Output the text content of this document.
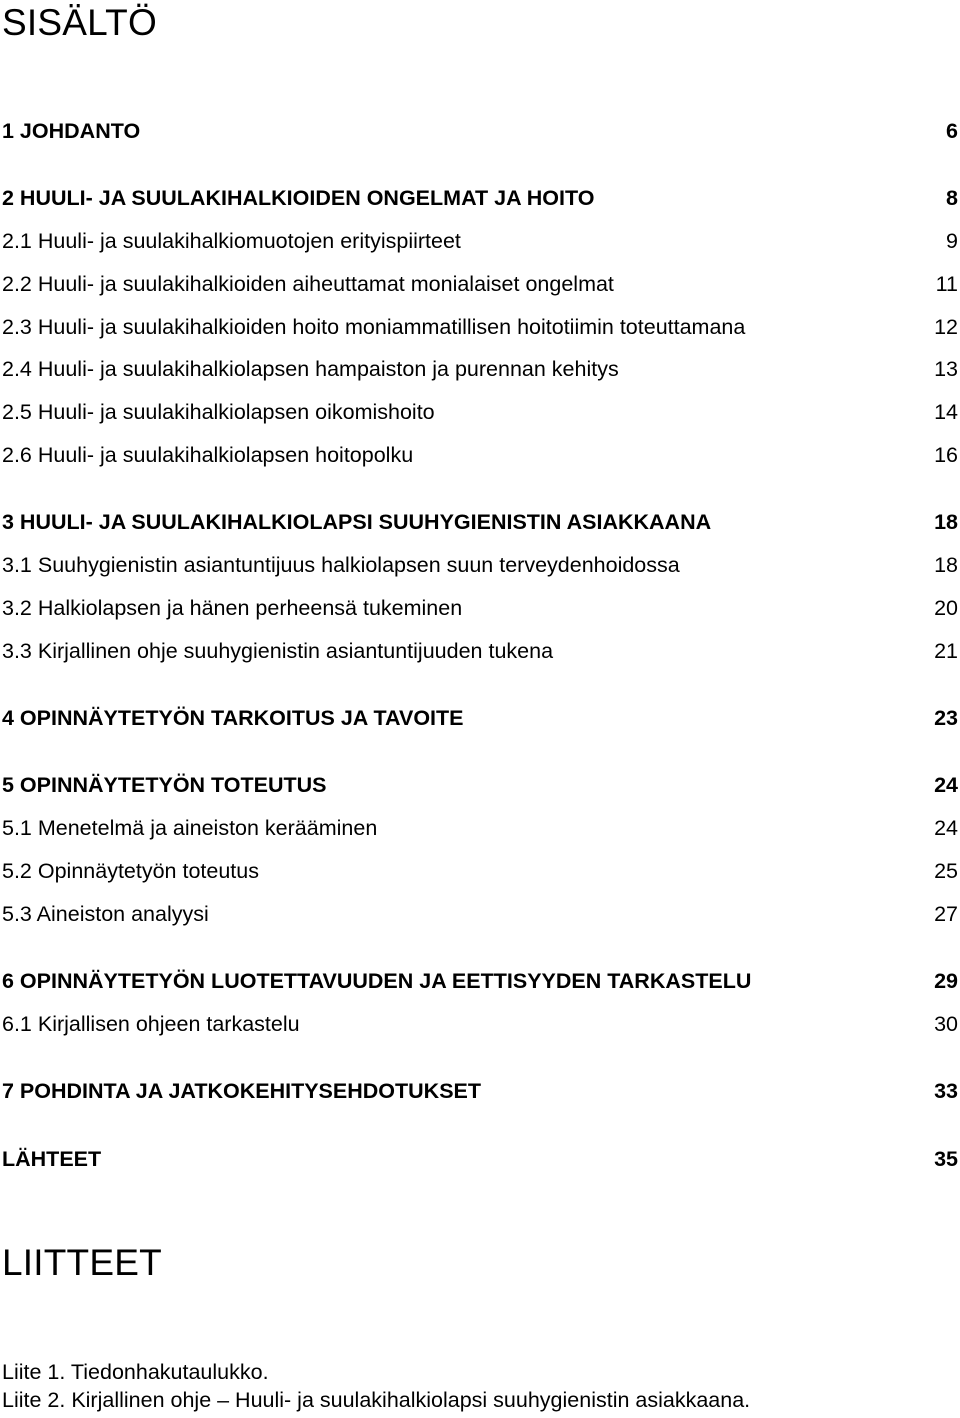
SISÄLTÖ
1 JOHDANTO	6
2 HUULI- JA SUULAKIHALKIOIDEN ONGELMAT JA HOITO	8
2.1 Huuli- ja suulakihalkiomuotojen erityispiirteet	9
2.2 Huuli- ja suulakihalkioiden aiheuttamat monialaiset ongelmat	11
2.3 Huuli- ja suulakihalkioiden hoito moniammatillisen hoitotiimin toteuttamana	12
2.4 Huuli- ja suulakihalkiolapsen hampaiston ja purennan kehitys	13
2.5 Huuli- ja suulakihalkiolapsen oikomishoito	14
2.6 Huuli- ja suulakihalkiolapsen hoitopolku	16
3 HUULI- JA SUULAKIHALKIOLAPSI SUUHYGIENISTIN ASIAKKAANA	18
3.1 Suuhygienistin asiantuntijuus halkiolapsen suun terveydenhoidossa	18
3.2 Halkiolapsen ja hänen perheensä tukeminen	20
3.3 Kirjallinen ohje suuhygienistin asiantuntijuuden tukena	21
4 OPINNÄYTETYÖN TARKOITUS JA TAVOITE	23
5 OPINNÄYTETYÖN TOTEUTUS	24
5.1 Menetelmä ja aineiston kerääminen	24
5.2 Opinnäytetyön toteutus	25
5.3 Aineiston analyysi	27
6 OPINNÄYTETYÖN LUOTETTAVUUDEN JA EETTISYYDEN TARKASTELU	29
6.1 Kirjallisen ohjeen tarkastelu	30
7 POHDINTA JA JATKOKEHITYSEHDOTUKSET	33
LÄHTEET	35
LIITTEET
Liite 1. Tiedonhakutaulukko.
Liite 2. Kirjallinen ohje – Huuli- ja suulakihalkiolapsi suuhygienistin asiakkaana.
